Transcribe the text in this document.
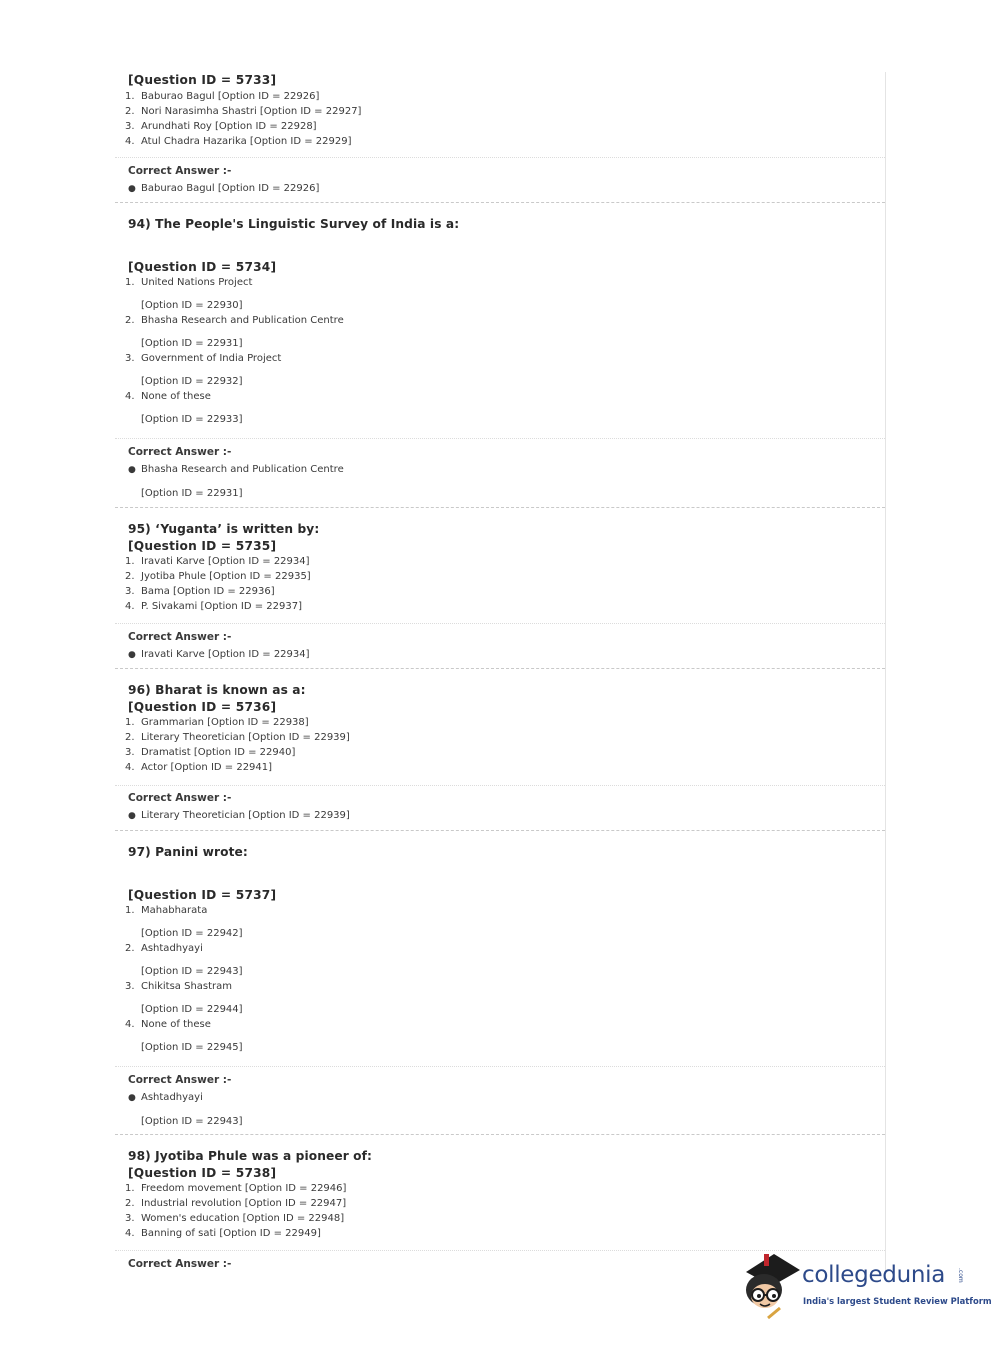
[Question ID = 5733]
1. Baburao Bagul [Option ID = 22926]
2. Nori Narasimha Shastri [Option ID = 22927]
3. Arundhati Roy [Option ID = 22928]
4. Atul Chadra Hazarika [Option ID = 22929]
Correct Answer :-
● Baburao Bagul [Option ID = 22926]
94) The People's Linguistic Survey of India is a:
[Question ID = 5734]
1. United Nations Project
[Option ID = 22930]
2. Bhasha Research and Publication Centre
[Option ID = 22931]
3. Government of India Project
[Option ID = 22932]
4. None of these
[Option ID = 22933]
Correct Answer :-
● Bhasha Research and Publication Centre
[Option ID = 22931]
95) ‘Yuganta’ is written by:
[Question ID = 5735]
1. Iravati Karve [Option ID = 22934]
2. Jyotiba Phule [Option ID = 22935]
3. Bama [Option ID = 22936]
4. P. Sivakami [Option ID = 22937]
Correct Answer :-
● Iravati Karve [Option ID = 22934]
96) Bharat is known as a:
[Question ID = 5736]
1. Grammarian [Option ID = 22938]
2. Literary Theoretician [Option ID = 22939]
3. Dramatist [Option ID = 22940]
4. Actor [Option ID = 22941]
Correct Answer :-
● Literary Theoretician [Option ID = 22939]
97) Panini wrote:
[Question ID = 5737]
1. Mahabharata
[Option ID = 22942]
2. Ashtadhyayi
[Option ID = 22943]
3. Chikitsa Shastram
[Option ID = 22944]
4. None of these
[Option ID = 22945]
Correct Answer :-
● Ashtadhyayi
[Option ID = 22943]
98) Jyotiba Phule was a pioneer of:
[Question ID = 5738]
1. Freedom movement [Option ID = 22946]
2. Industrial revolution [Option ID = 22947]
3. Women's education [Option ID = 22948]
4. Banning of sati [Option ID = 22949]
Correct Answer :-	collegedunia .com
India's largest Student Review Platform
